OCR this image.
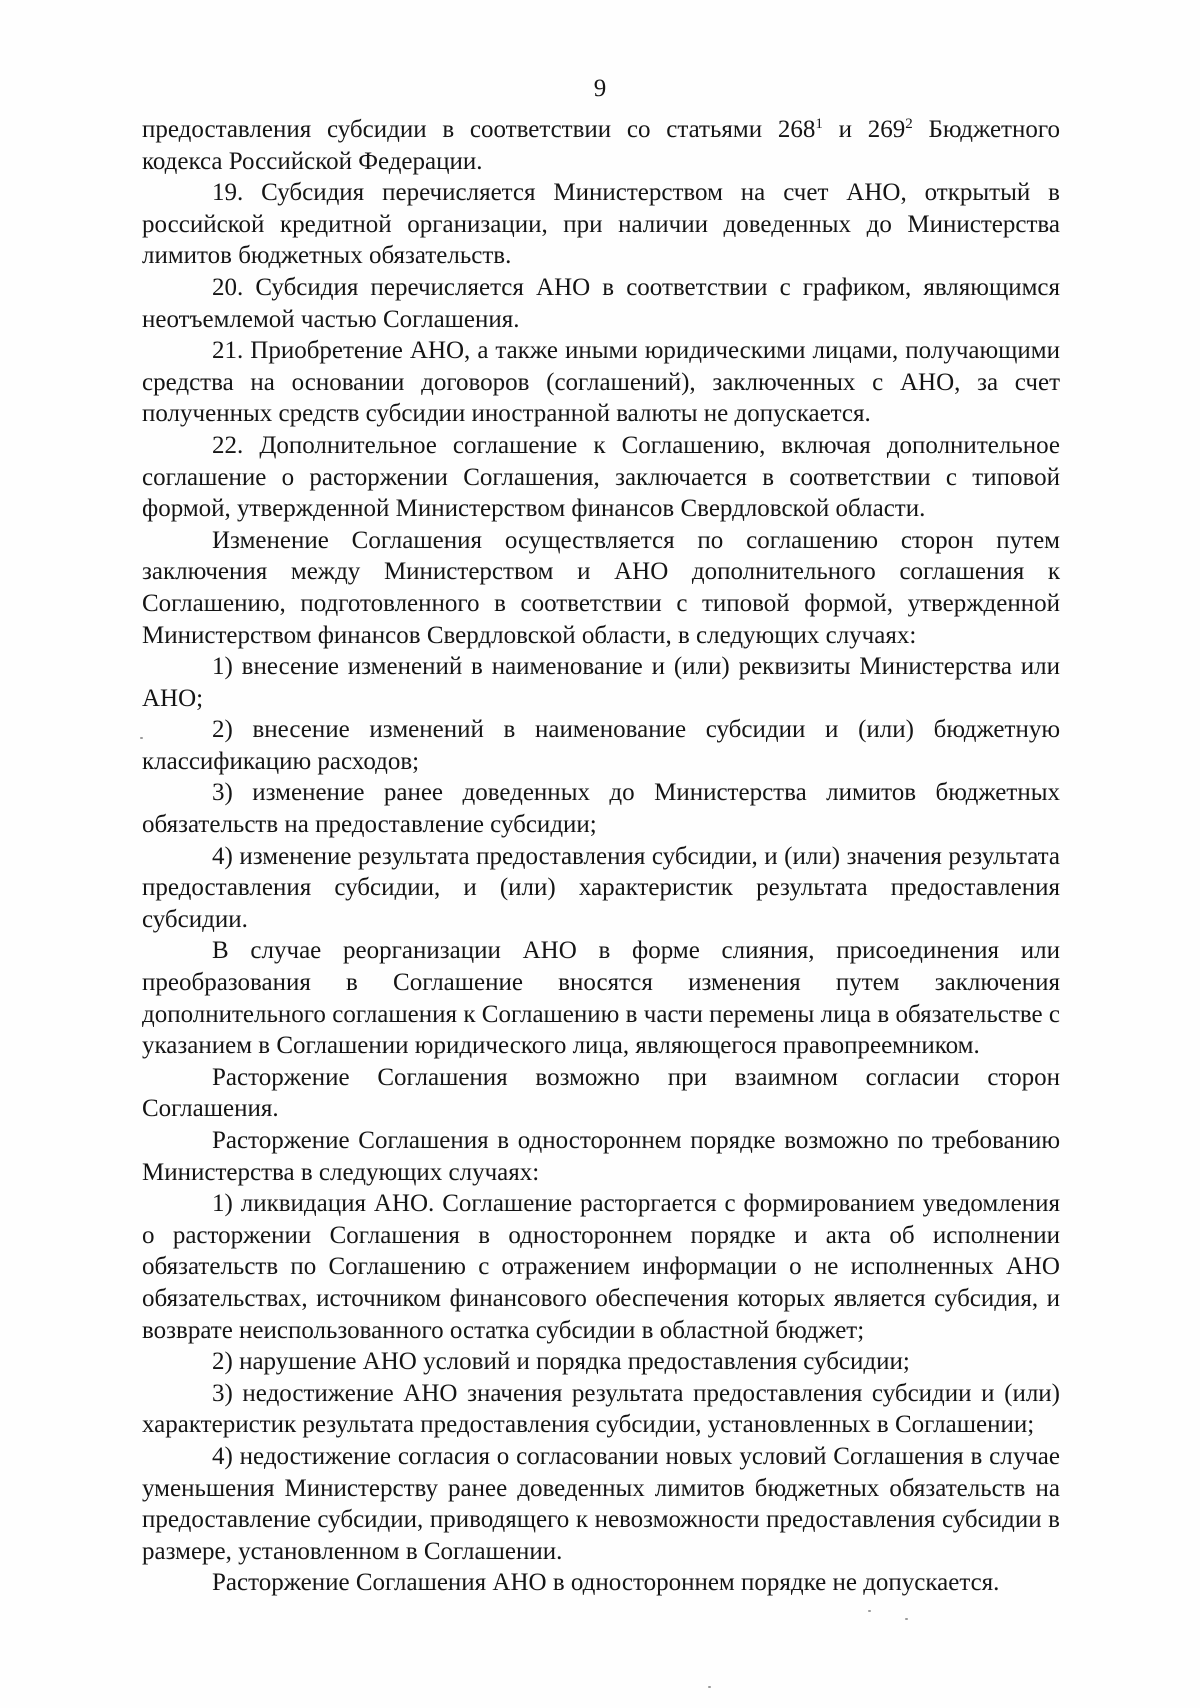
9

предоставления субсидии в соответствии со статьями $268^1$ и $269^2$ Бюджетного кодекса Российской Федерации.

19. Субсидия перечисляется Министерством на счет АНО, открытый в российской кредитной организации, при наличии доведенных до Министерства лимитов бюджетных обязательств.

20. Субсидия перечисляется АНО в соответствии с графиком, являющимся неотъемлемой частью Соглашения.

21. Приобретение АНО, а также иными юридическими лицами, получающими средства на основании договоров (соглашений), заключенных с АНО, за счет полученных средств субсидии иностранной валюты не допускается.

22. Дополнительное соглашение к Соглашению, включая дополнительное соглашение о расторжении Соглашения, заключается в соответствии с типовой формой, утвержденной Министерством финансов Свердловской области.

Изменение Соглашения осуществляется по соглашению сторон путем заключения между Министерством и АНО дополнительного соглашения к Соглашению, подготовленного в соответствии с типовой формой, утвержденной Министерством финансов Свердловской области, в следующих случаях:

1) внесение изменений в наименование и (или) реквизиты Министерства или АНО;

2) внесение изменений в наименование субсидии и (или) бюджетную классификацию расходов;

3) изменение ранее доведенных до Министерства лимитов бюджетных обязательств на предоставление субсидии;

4) изменение результата предоставления субсидии, и (или) значения результата предоставления субсидии, и (или) характеристик результата предоставления субсидии.

В случае реорганизации АНО в форме слияния, присоединения или преобразования в Соглашение вносятся изменения путем заключения дополнительного соглашения к Соглашению в части перемены лица в обязательстве с указанием в Соглашении юридического лица, являющегося правопреемником.

Расторжение Соглашения возможно при взаимном согласии сторон Соглашения.

Расторжение Соглашения в одностороннем порядке возможно по требованию Министерства в следующих случаях:

1) ликвидация АНО. Соглашение расторгается с формированием уведомления о расторжении Соглашения в одностороннем порядке и акта об исполнении обязательств по Соглашению с отражением информации о не исполненных АНО обязательствах, источником финансового обеспечения которых является субсидия, и возврате неиспользованного остатка субсидии в областной бюджет;

2) нарушение АНО условий и порядка предоставления субсидии;

3) недостижение АНО значения результата предоставления субсидии и (или) характеристик результата предоставления субсидии, установленных в Соглашении;

4) недостижение согласия о согласовании новых условий Соглашения в случае уменьшения Министерству ранее доведенных лимитов бюджетных обязательств на предоставление субсидии, приводящего к невозможности предоставления субсидии в размере, установленном в Соглашении.

Расторжение Соглашения АНО в одностороннем порядке не допускается.
